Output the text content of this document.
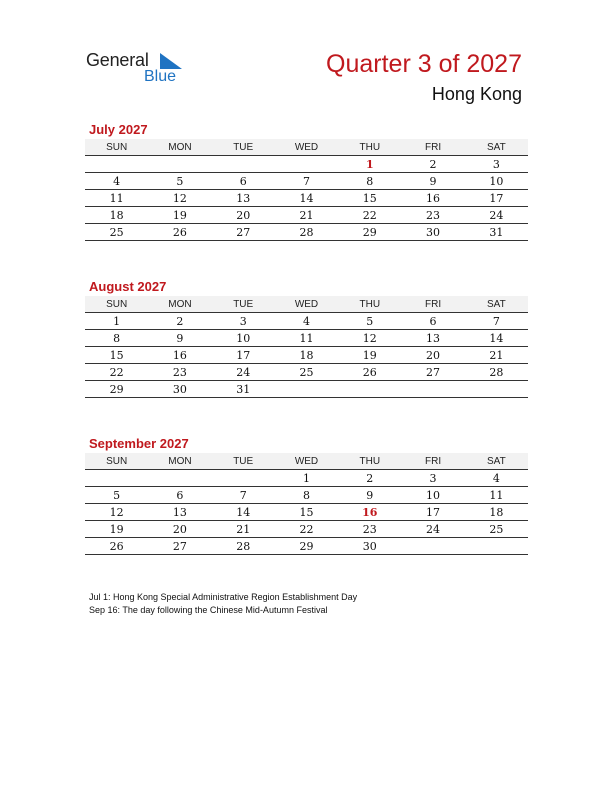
General
Blue	Quarter 3 of 2027
Hong Kong
July 2027
SUN	MON	TUE	WED	THU	FRI	SAT
				1	2	3
4	5	6	7	8	9	10
11	12	13	14	15	16	17
18	19	20	21	22	23	24
25	26	27	28	29	30	31
August 2027
SUN	MON	TUE	WED	THU	FRI	SAT
1	2	3	4	5	6	7
8	9	10	11	12	13	14
15	16	17	18	19	20	21
22	23	24	25	26	27	28
29	30	31				
September 2027
SUN	MON	TUE	WED	THU	FRI	SAT
			1	2	3	4
5	6	7	8	9	10	11
12	13	14	15	16	17	18
19	20	21	22	23	24	25
26	27	28	29	30		
Jul 1: Hong Kong Special Administrative Region Establishment Day
Sep 16: The day following the Chinese Mid-Autumn Festival
